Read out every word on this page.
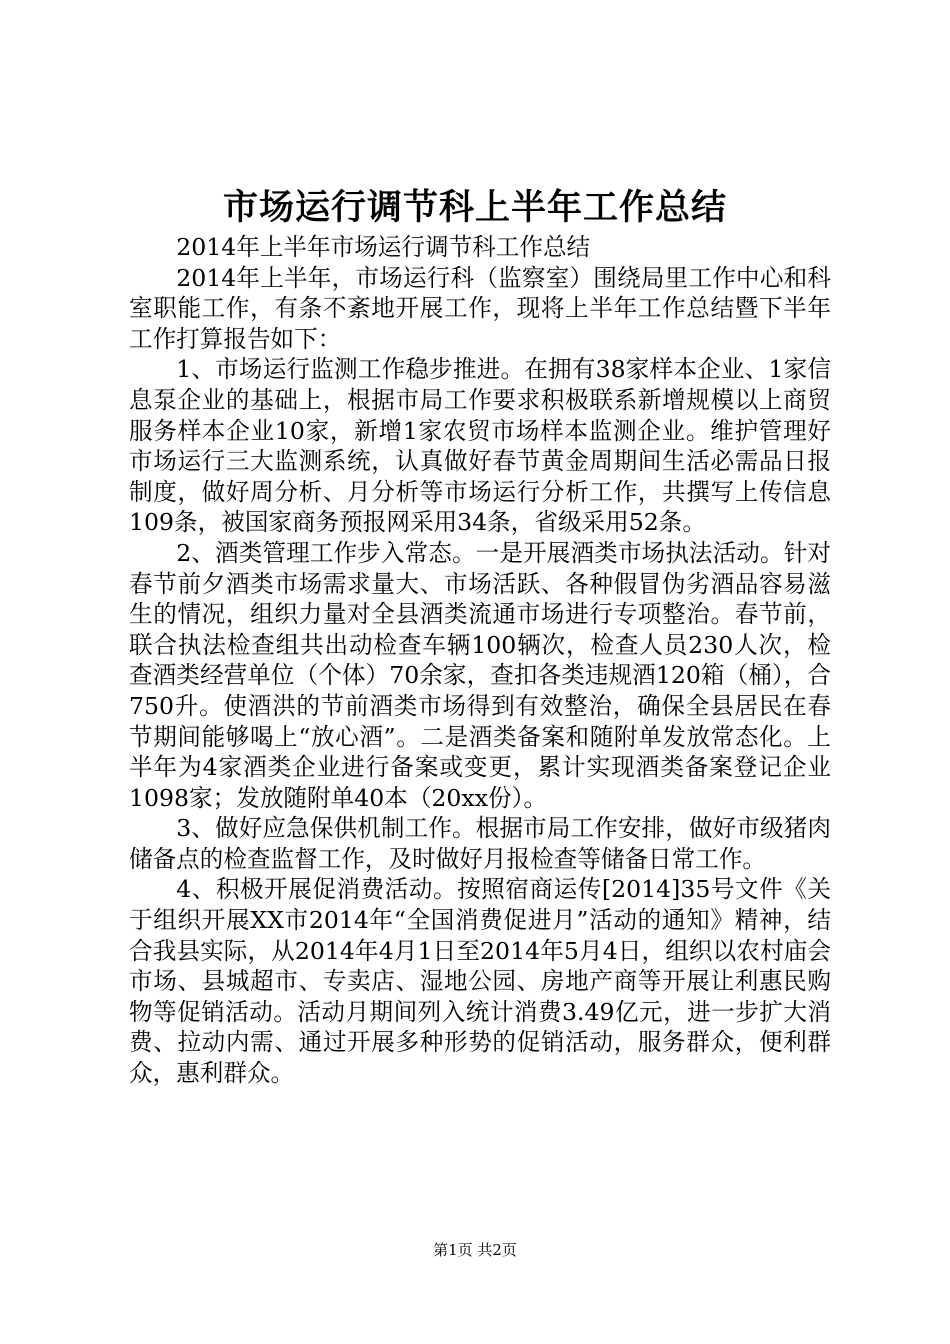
市场运行调节科上半年工作总结

2014年上半年市场运行调节科工作总结

2014年上半年，市场运行科（监察室）围绕局里工作中心和科室职能工作，有条不紊地开展工作，现将上半年工作总结暨下半年工作打算报告如下：

1、市场运行监测工作稳步推进。在拥有38家样本企业、1家信息泵企业的基础上，根据市局工作要求积极联系新增规模以上商贸服务样本企业10家，新增1家农贸市场样本监测企业。维护管理好市场运行三大监测系统，认真做好春节黄金周期间生活必需品日报制度，做好周分析、月分析等市场运行分析工作，共撰写上传信息109条，被国家商务预报网采用34条，省级采用52条。

2、酒类管理工作步入常态。一是开展酒类市场执法活动。针对春节前夕酒类市场需求量大、市场活跃、各种假冒伪劣酒品容易滋生的情况，组织力量对全县酒类流通市场进行专项整治。春节前，联合执法检查组共出动检查车辆100辆次，检查人员230人次，检查酒类经营单位（个体）70余家，查扣各类违规酒120箱（桶），合750升。使酒洪的节前酒类市场得到有效整治，确保全县居民在春节期间能够喝上“放心酒”。二是酒类备案和随附单发放常态化。上半年为4家酒类企业进行备案或变更，累计实现酒类备案登记企业1098家；发放随附单40本（20xx份）。

3、做好应急保供机制工作。根据市局工作安排，做好市级猪肉储备点的检查监督工作，及时做好月报检查等储备日常工作。

4、积极开展促消费活动。按照宿商运传[2014]35号文件《关于组织开展XX市2014年“全国消费促进月”活动的通知》精神，结合我县实际，从2014年4月1日至2014年5月4日，组织以农村庙会市场、县城超市、专卖店、湿地公园、房地产商等开展让利惠民购物等促销活动。活动月期间列入统计消费3.49亿元，进一步扩大消费、拉动内需、通过开展多种形势的促销活动，服务群众，便利群众，惠利群众。

第1页 共2页
